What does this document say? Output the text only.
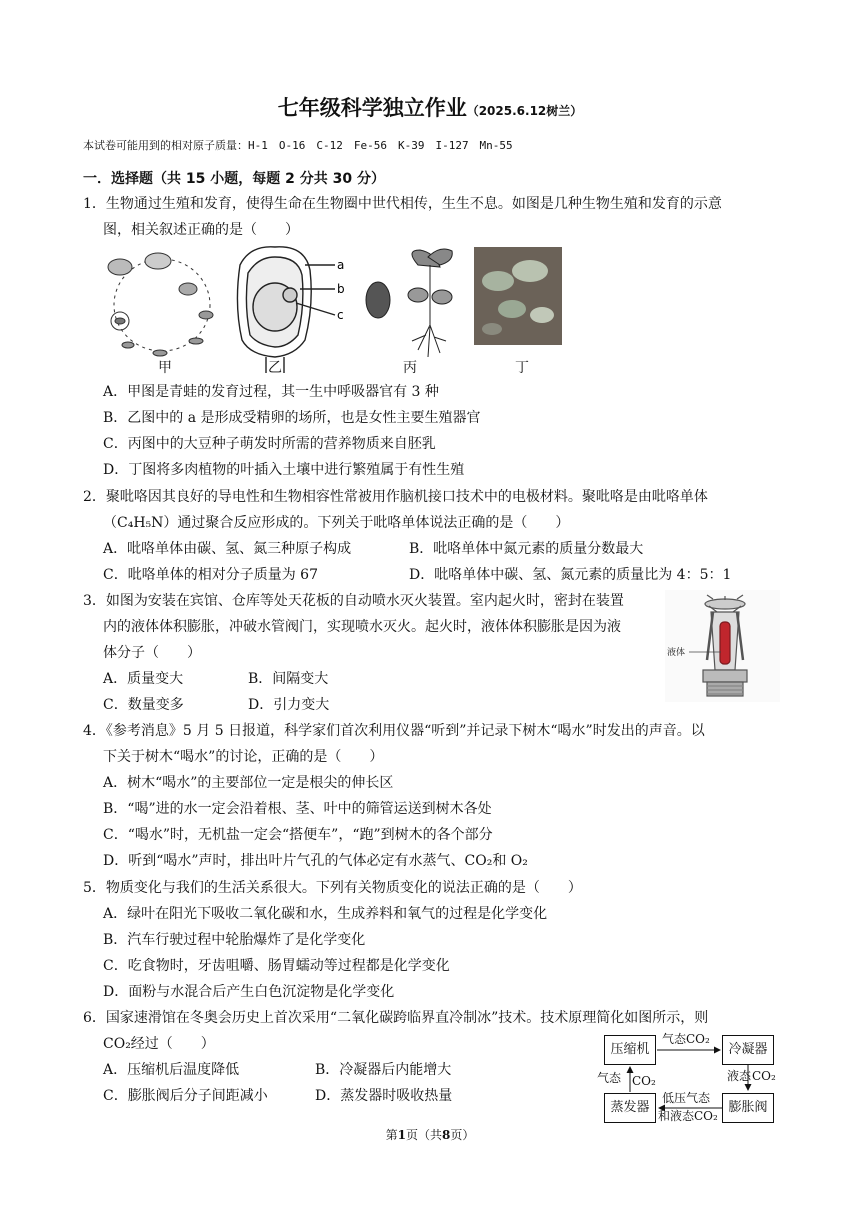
七年级科学独立作业（2025.6.12树兰）
本试卷可能用到的相对原子质量：H-1　O-16　C-12　Fe-56　K-39　I-127　Mn-55
一．选择题（共 15 小题，每题 2 分共 30 分）
1．生物通过生殖和发育，使得生命在生物圈中世代相传，生生不息。如图是几种生物生殖和发育的示意
图，相关叙述正确的是（　　）
a
b
c
甲	乙	丙	丁
A．甲图是青蛙的发育过程，其一生中呼吸器官有 3 种
B．乙图中的 a 是形成受精卵的场所，也是女性主要生殖器官
C．丙图中的大豆种子萌发时所需的营养物质来自胚乳
D．丁图将多肉植物的叶插入土壤中进行繁殖属于有性生殖
2．聚吡咯因其良好的导电性和生物相容性常被用作脑机接口技术中的电极材料。聚吡咯是由吡咯单体
（C₄H₅N）通过聚合反应形成的。下列关于吡咯单体说法正确的是（　　）
A．吡咯单体由碳、氢、氮三种原子构成	B．吡咯单体中氮元素的质量分数最大
C．吡咯单体的相对分子质量为 67	D．吡咯单体中碳、氢、氮元素的质量比为 4：5：1
3．如图为安装在宾馆、仓库等处天花板的自动喷水灭火装置。室内起火时，密封在装置
内的液体体积膨胀，冲破水管阀门，实现喷水灭火。起火时，液体体积膨胀是因为液
体分子（　　）
A．质量变大	B．间隔变大
C．数量变多	D．引力变大
液体
4．《参考消息》5 月 5 日报道，科学家们首次利用仪器“听到”并记录下树木“喝水”时发出的声音。以
下关于树木“喝水”的讨论，正确的是（　　）
A．树木“喝水”的主要部位一定是根尖的伸长区
B．“喝”进的水一定会沿着根、茎、叶中的筛管运送到树木各处
C．“喝水”时，无机盐一定会“搭便车”，“跑”到树木的各个部分
D．听到“喝水”声时，排出叶片气孔的气体必定有水蒸气、CO₂和 O₂
5．物质变化与我们的生活关系很大。下列有关物质变化的说法正确的是（　　）
A．绿叶在阳光下吸收二氧化碳和水，生成养料和氧气的过程是化学变化
B．汽车行驶过程中轮胎爆炸了是化学变化
C．吃食物时，牙齿咀嚼、肠胃蠕动等过程都是化学变化
D．面粉与水混合后产生白色沉淀物是化学变化
6．国家速滑馆在冬奥会历史上首次采用“二氧化碳跨临界直冷制冰”技术。技术原理简化如图所示，则
CO₂经过（　　）
A．压缩机后温度降低	B．冷凝器后内能增大
C．膨胀阀后分子间距减小	D．蒸发器时吸收热量
压缩机	冷凝器
蒸发器	膨胀阀
气态CO₂
液态 CO₂
气态 CO₂
低压气态
和液态CO₂
第1页（共8页）
